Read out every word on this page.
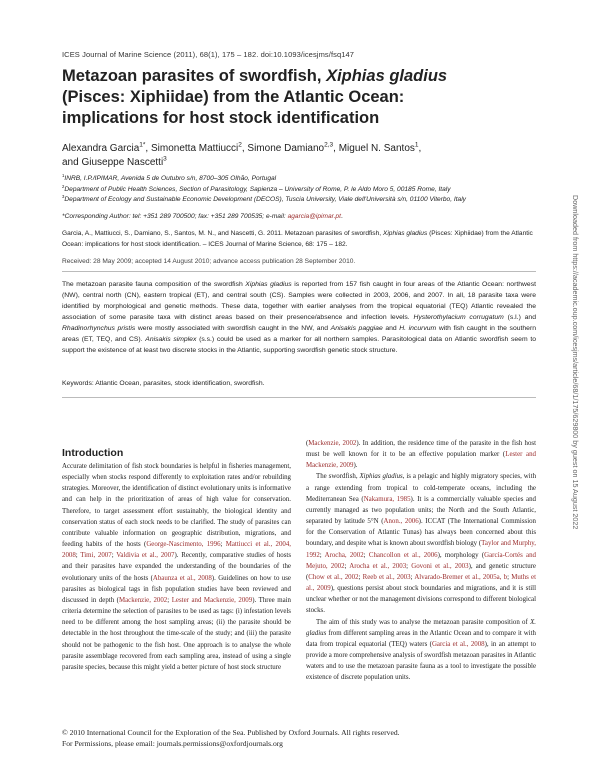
ICES Journal of Marine Science (2011), 68(1), 175 – 182. doi:10.1093/icesjms/fsq147
Metazoan parasites of swordfish, Xiphias gladius
(Pisces: Xiphiidae) from the Atlantic Ocean: implications for host stock identification
Alexandra Garcia$^{1*}$, Simonetta Mattiucci$^2$, Simone Damiano$^{2,3}$, Miguel N. Santos$^1$,
and Giuseppe Nascetti$^3$
$^1$INRB, I.P./IPIMAR, Avenida 5 de Outubro s/n, 8700–305 Olhão, Portugal
$^2$Department of Public Health Sciences, Section of Parasitology, Sapienza – University of Rome, P. le Aldo Moro 5, 00185 Rome, Italy
$^3$Department of Ecology and Sustainable Economic Development (DECOS), Tuscia University, Viale dell'Università s/n, 01100 Viterbo, Italy
*Corresponding Author: tel: +351 289 700500; fax: +351 289 700535; e-mail: agarcia@ipimar.pt.
Garcia, A., Mattiucci, S., Damiano, S., Santos, M. N., and Nascetti, G. 2011. Metazoan parasites of swordfish, Xiphias gladius (Pisces: Xiphiidae) from the Atlantic Ocean: implications for host stock identification. – ICES Journal of Marine Science, 68: 175 – 182.
Received: 28 May 2009; accepted 14 August 2010; advance access publication 28 September 2010.
The metazoan parasite fauna composition of the swordfish Xiphias gladius is reported from 157 fish caught in four areas of the Atlantic Ocean: northwest (NW), central north (CN), eastern tropical (ET), and central south (CS). Samples were collected in 2003, 2006, and 2007. In all, 18 parasite taxa were identified by morphological and genetic methods. These data, together with earlier analyses from the tropical equatorial (TEQ) Atlantic revealed the association of some parasite taxa with distinct areas based on their presence/absence and infection levels. Hysterothylacium corrugatum (s.l.) and Rhadinorhynchus pristis were mostly associated with swordfish caught in the NW, and Anisakis paggiae and H. incurvum with fish caught in the southern areas (ET, TEQ, and CS). Anisakis simplex (s.s.) could be used as a marker for all northern samples. Parasitological data on Atlantic swordfish seem to support the existence of at least two discrete stocks in the Atlantic, supporting swordfish genetic stock structure.
Keywords: Atlantic Ocean, parasites, stock identification, swordfish.
Introduction

Accurate delimitation of fish stock boundaries is helpful in fisheries management, especially when stocks respond differently to exploitation rates and/or rebuilding strategies. Moreover, the identification of distinct evolutionary units is informative and can help in the prioritization of areas of high value for conservation. Therefore, to target assessment effort sustainably, the biological identity and conservation status of each stock needs to be clarified. The study of parasites can contribute valuable information on geographic distribution, migrations, and feeding habits of the hosts (George-Nascimento, 1996; Mattiucci et al., 2004, 2008; Timi, 2007; Valdivia et al., 2007). Recently, comparative studies of hosts and their parasites have expanded the understanding of the boundaries of the evolutionary units of the hosts (Abaunza et al., 2008). Guidelines on how to use parasites as biological tags in fish population studies have been reviewed and discussed in depth (Mackenzie, 2002; Lester and Mackenzie, 2009). Three main criteria determine the selection of parasites to be used as tags: (i) infestation levels need to be different among the host sampling areas; (ii) the parasite should be detectable in the host throughout the time-scale of the study; and (iii) the parasite should not be pathogenic to the fish host. One approach is to analyse the whole parasite assemblage recovered from each sampling area, instead of using a single parasite species, because this might yield a better picture of host stock structure

(Mackenzie, 2002). In addition, the residence time of the parasite in the fish host must be well known for it to be an effective population marker (Lester and Mackenzie, 2009).

The swordfish, Xiphias gladius, is a pelagic and highly migratory species, with a range extending from tropical to cold-temperate oceans, including the Mediterranean Sea (Nakamura, 1985). It is a commercially valuable species and currently managed as two population units; the North and the South Atlantic, separated by latitude 5°N (Anon., 2006). ICCAT (The International Commission for the Conservation of Atlantic Tunas) has always been concerned about this boundary, and despite what is known about swordfish biology (Taylor and Murphy, 1992; Arocha, 2002; Chancollon et al., 2006), morphology (García-Cortés and Mejuto, 2002; Arocha et al., 2003; Govoni et al., 2003), and genetic structure (Chow et al., 2002; Reeb et al., 2003; Alvarado-Bremer et al., 2005a, b; Muths et al., 2009), questions persist about stock boundaries and migrations, and it is still unclear whether or not the management divisions correspond to different biological stocks.

The aim of this study was to analyse the metazoan parasite composition of X. gladius from different sampling areas in the Atlantic Ocean and to compare it with data from tropical equatorial (TEQ) waters (Garcia et al., 2008), in an attempt to provide a more comprehensive analysis of swordfish metazoan parasites in Atlantic waters and to use the metazoan parasite fauna as a tool to investigate the possible existence of discrete population units.

© 2010 International Council for the Exploration of the Sea. Published by Oxford Journals. All rights reserved.
For Permissions, please email: journals.permissions@oxfordjournals.org
Downloaded from https://academic.oup.com/icesjms/article/68/1/175/629800 by guest on 15 August 2022
